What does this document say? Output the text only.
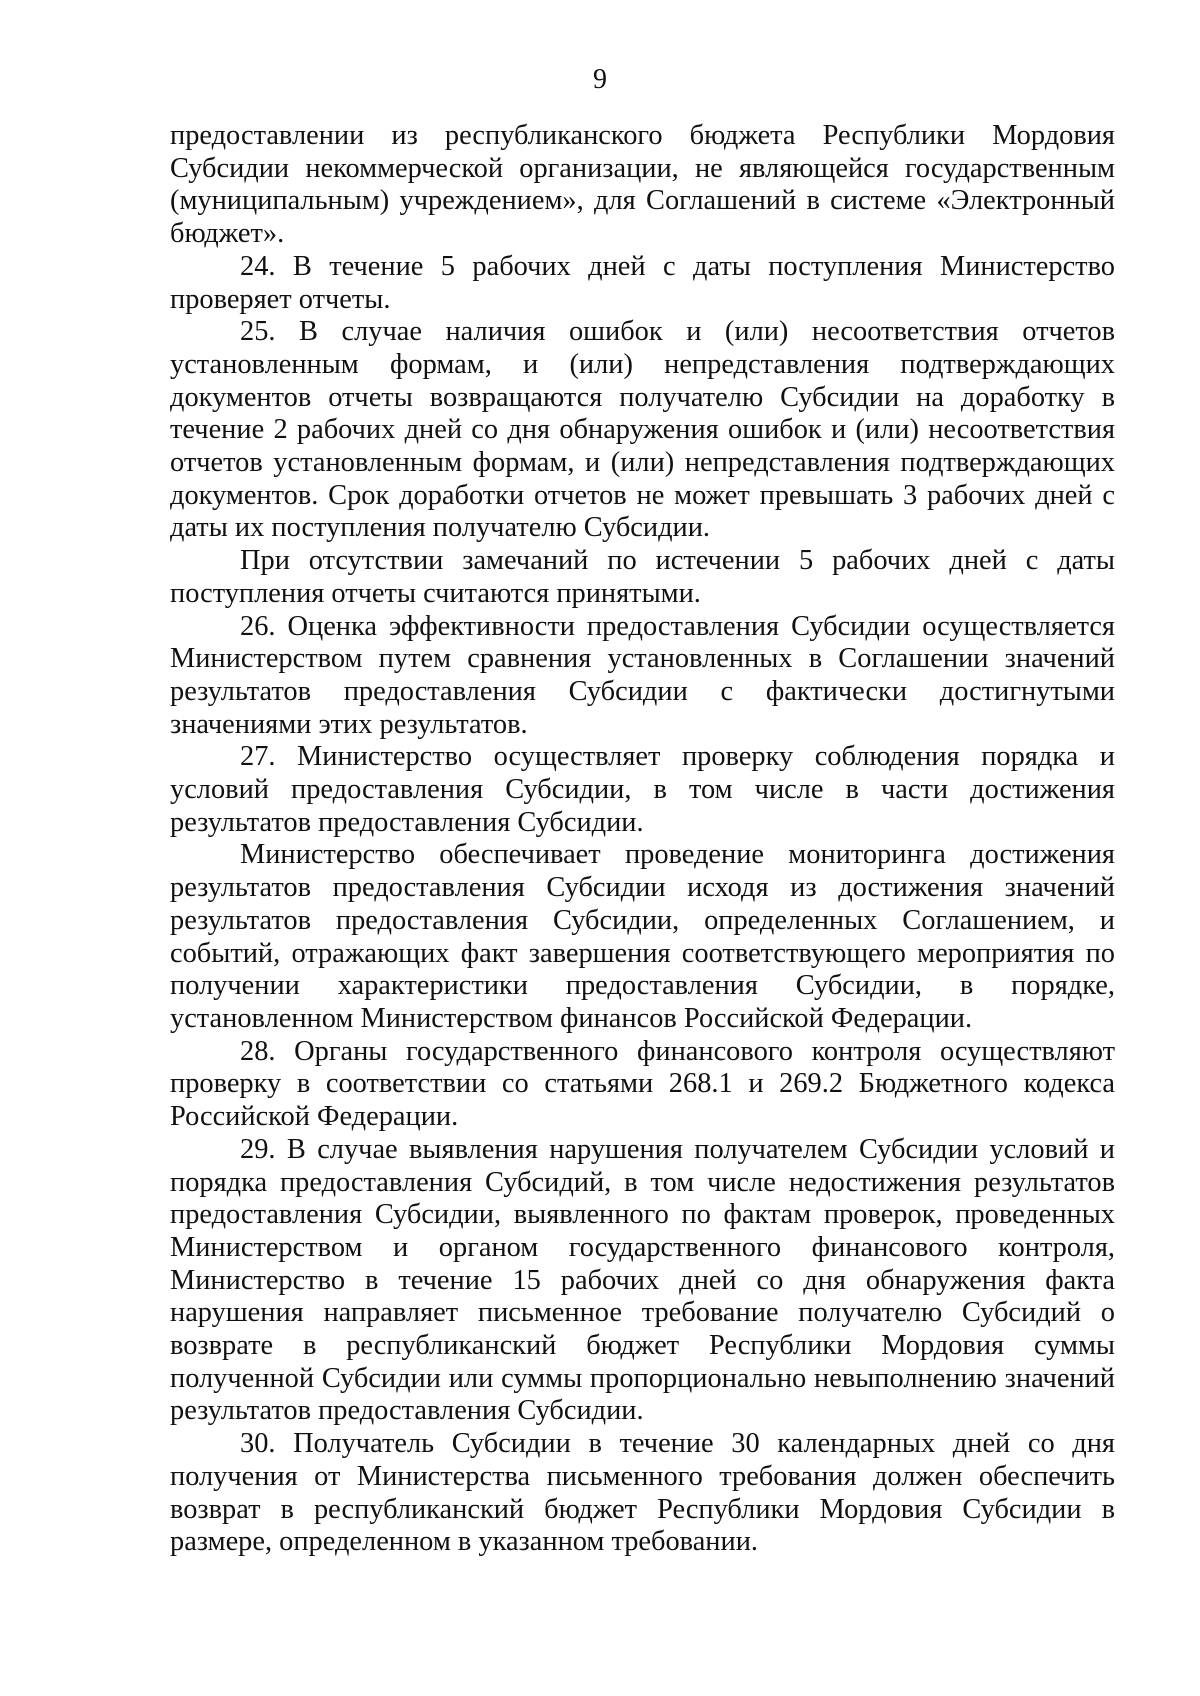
9

предоставлении из республиканского бюджета Республики Мордовия Субсидии некоммерческой организации, не являющейся государственным (муниципальным) учреждением», для Соглашений в системе «Электронный бюджет».

24. В течение 5 рабочих дней с даты поступления Министерство проверяет отчеты.

25. В случае наличия ошибок и (или) несоответствия отчетов установленным формам, и (или) непредставления подтверждающих документов отчеты возвращаются получателю Субсидии на доработку в течение 2 рабочих дней со дня обнаружения ошибок и (или) несоответствия отчетов установленным формам, и (или) непредставления подтверждающих документов. Срок доработки отчетов не может превышать 3 рабочих дней с даты их поступления получателю Субсидии.

При отсутствии замечаний по истечении 5 рабочих дней с даты поступления отчеты считаются принятыми.

26. Оценка эффективности предоставления Субсидии осуществляется Министерством путем сравнения установленных в Соглашении значений результатов предоставления Субсидии с фактически достигнутыми значениями этих результатов.

27. Министерство осуществляет проверку соблюдения порядка и условий предоставления Субсидии, в том числе в части достижения результатов предоставления Субсидии.

Министерство обеспечивает проведение мониторинга достижения результатов предоставления Субсидии исходя из достижения значений результатов предоставления Субсидии, определенных Соглашением, и событий, отражающих факт завершения соответствующего мероприятия по получении характеристики предоставления Субсидии, в порядке, установленном Министерством финансов Российской Федерации.

28. Органы государственного финансового контроля осуществляют проверку в соответствии со статьями 268.1 и 269.2 Бюджетного кодекса Российской Федерации.

29. В случае выявления нарушения получателем Субсидии условий и порядка предоставления Субсидий, в том числе недостижения результатов предоставления Субсидии, выявленного по фактам проверок, проведенных Министерством и органом государственного финансового контроля, Министерство в течение 15 рабочих дней со дня обнаружения факта нарушения направляет письменное требование получателю Субсидий о возврате в республиканский бюджет Республики Мордовия суммы полученной Субсидии или суммы пропорционально невыполнению значений результатов предоставления Субсидии.

30. Получатель Субсидии в течение 30 календарных дней со дня получения от Министерства письменного требования должен обеспечить возврат в республиканский бюджет Республики Мордовия Субсидии в размере, определенном в указанном требовании.
